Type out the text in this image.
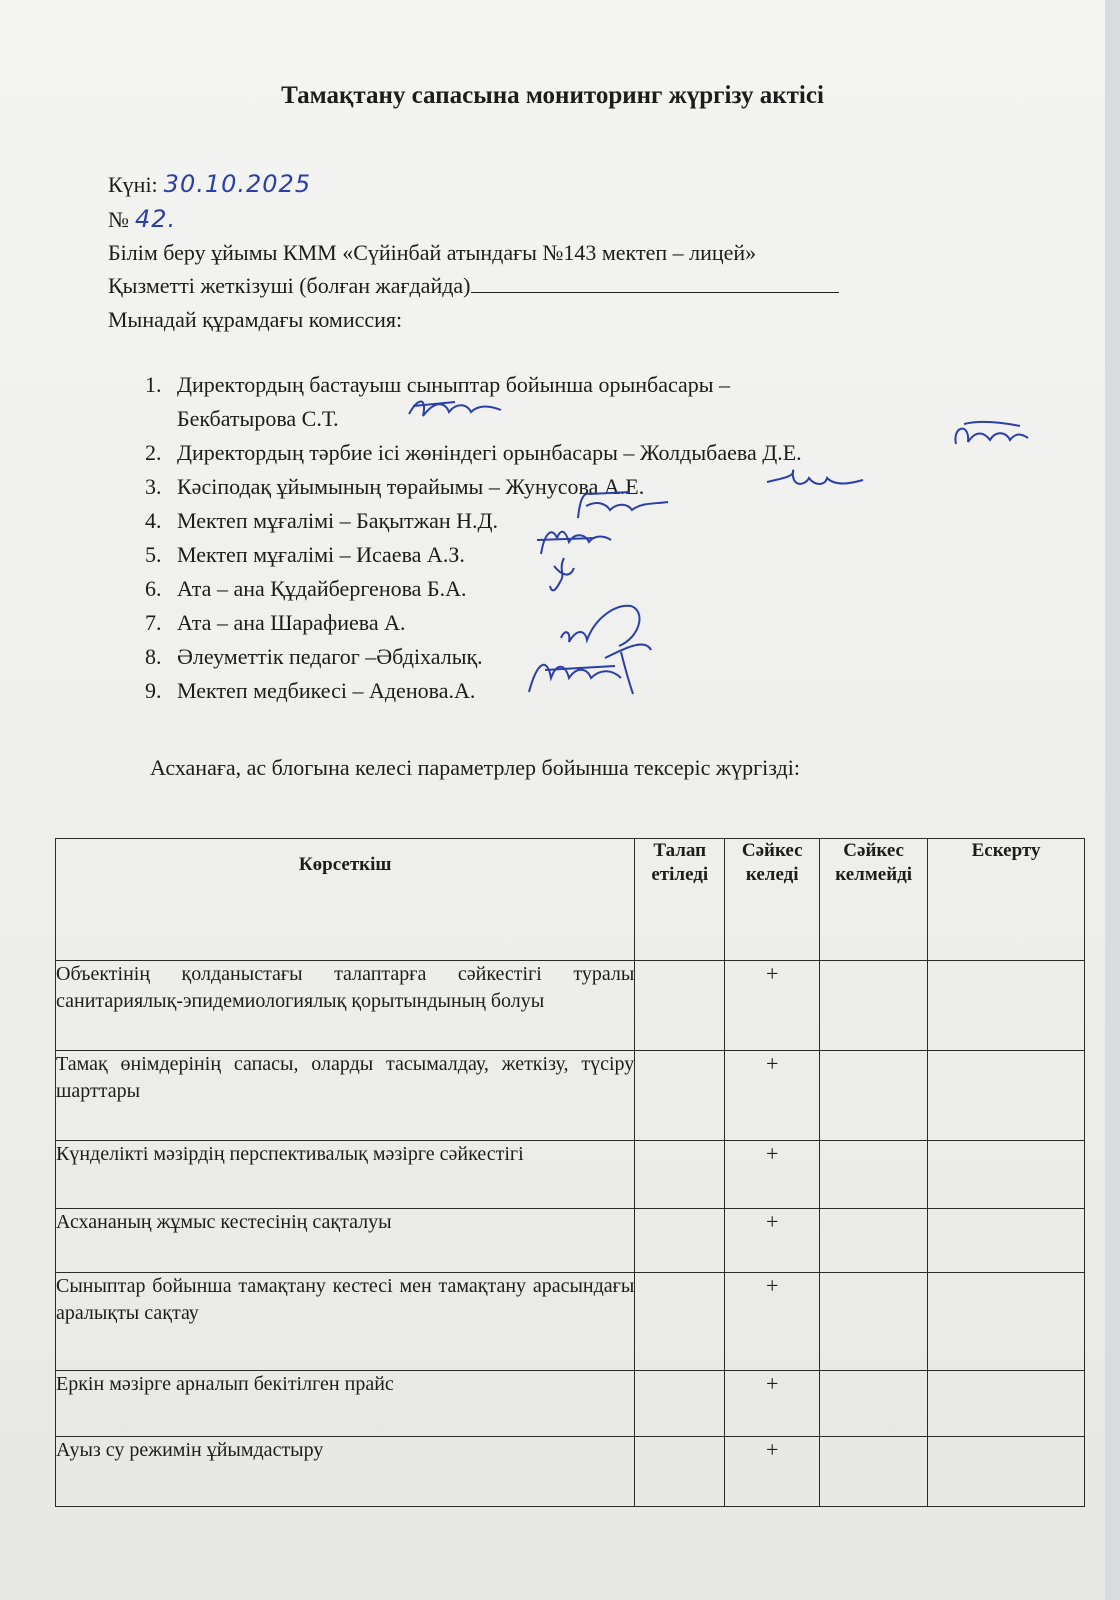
Тамақтану сапасына мониторинг жүргізу актісі
Күні: 30.10.2025
№ 42.
Білім беру ұйымы КММ «Сүйінбай атындағы №143 мектеп – лицей»
Қызметті жеткізуші (болған жағдайда)
Мынадай құрамдағы комиссия:
1. Директордың бастауыш сыныптар бойынша орынбасары –
Бекбатырова С.Т.
2. Директордың тәрбие ісі жөніндегі орынбасары – Жолдыбаева Д.Е.
3. Кәсіподақ ұйымының төрайымы – Жунусова А.Е.
4. Мектеп мұғалімі – Бақытжан Н.Д.
5. Мектеп мұғалімі – Исаева А.З.
6. Ата – ана Құдайбергенова Б.А.
7. Ата – ана Шарафиева А.
8. Әлеуметтік педагог –Әбдіхалық.
9. Мектеп медбикесі – Аденова.А.
Асханаға, ас блогына келесі параметрлер бойынша тексеріс жүргізді:
Көрсеткіш	Талап етіледі	Сәйкес келеді	Сәйкес келмейді	Ескерту
Объектінің қолданыстағы талаптарға сәйкестігі туралы санитариялық-эпидемиологиялық қорытындының болуы		+		
Тамақ өнімдерінің сапасы, оларды тасымалдау, жеткізу, түсіру шарттары		+		
Күнделікті мәзірдің перспективалық мәзірге сәйкестігі		+		
Асхананың жұмыс кестесінің сақталуы		+		
Сыныптар бойынша тамақтану кестесі мен тамақтану арасындағы аралықты сақтау		+		
Еркін мәзірге арналып бекітілген прайс		+		
Ауыз су режимін ұйымдастыру		+		
